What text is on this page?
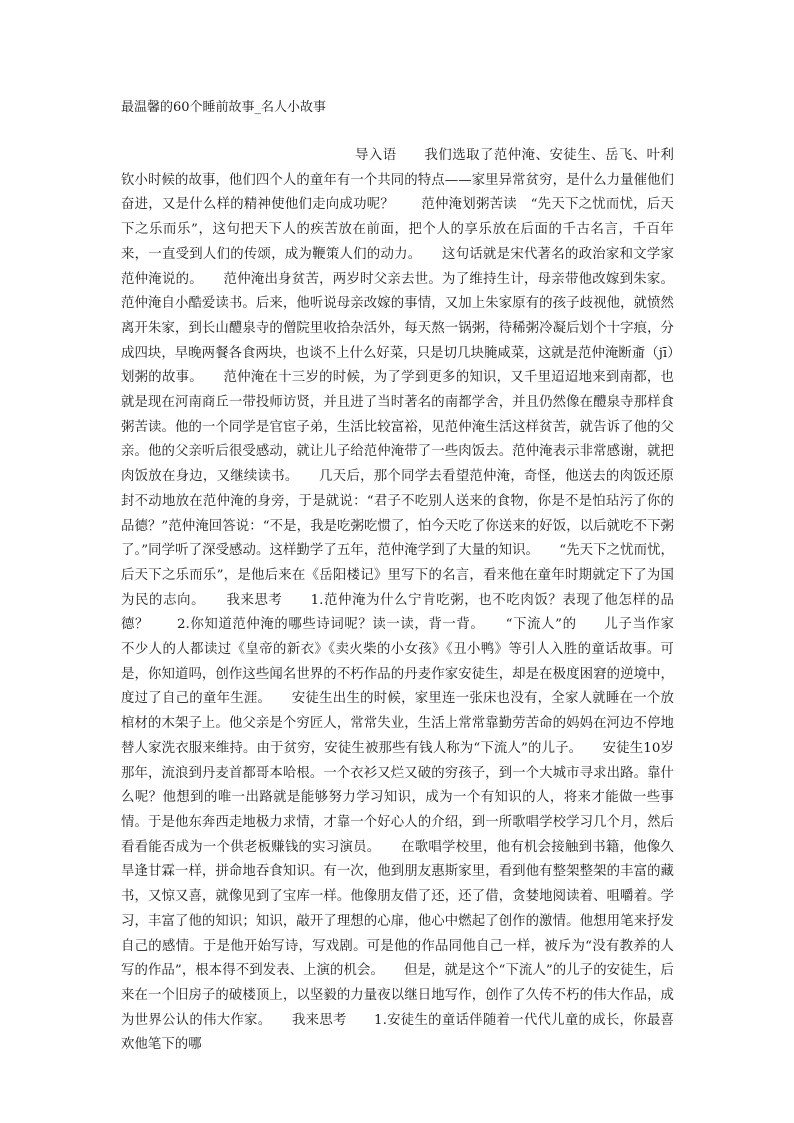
最温馨的60个睡前故事_名人小故事

导入语　　我们选取了范仲淹、安徒生、岳飞、叶利钦小时候的故事，他们四个人的童年有一个共同的特点——家里异常贫穷，是什么力量催他们奋进，又是什么样的精神使他们走向成功呢？　　范仲淹划粥苦读　“先天下之忧而忧，后天下之乐而乐”，这句把天下人的疾苦放在前面，把个人的享乐放在后面的千古名言，千百年来，一直受到人们的传颂，成为鞭策人们的动力。　　这句话就是宋代著名的政治家和文学家范仲淹说的。　　范仲淹出身贫苦，两岁时父亲去世。为了维持生计，母亲带他改嫁到朱家。范仲淹自小酷爱读书。后来，他听说母亲改嫁的事情，又加上朱家原有的孩子歧视他，就愤然离开朱家，到长山醴泉寺的僧院里收拾杂活外，每天熬一锅粥，待稀粥冷凝后划个十字痕，分成四块，早晚两餐各食两块，也谈不上什么好菜，只是切几块腌咸菜，这就是范仲淹断齑（jī）划粥的故事。　　范仲淹在十三岁的时候，为了学到更多的知识，又千里迢迢地来到南都，也就是现在河南商丘一带投师访贤，并且进了当时著名的南都学舍，并且仍然像在醴泉寺那样食粥苦读。他的一个同学是官宦子弟，生活比较富裕，见范仲淹生活这样贫苦，就告诉了他的父亲。他的父亲听后很受感动，就让儿子给范仲淹带了一些肉饭去。范仲淹表示非常感谢，就把肉饭放在身边，又继续读书。　　几天后，那个同学去看望范仲淹，奇怪，他送去的肉饭还原封不动地放在范仲淹的身旁，于是就说：“君子不吃别人送来的食物，你是不是怕玷污了你的品德？”范仲淹回答说：“不是，我是吃粥吃惯了，怕今天吃了你送来的好饭，以后就吃不下粥了。”同学听了深受感动。这样勤学了五年，范仲淹学到了大量的知识。　　“先天下之忧而忧，后天下之乐而乐”，是他后来在《岳阳楼记》里写下的名言，看来他在童年时期就定下了为国为民的志向。　　我来思考　　1.范仲淹为什么宁肯吃粥，也不吃肉饭？表现了他怎样的品德？　　2.你知道范仲淹的哪些诗词呢？读一读，背一背。　　“下流人”的　　儿子当作家　　不少人的人都读过《皇帝的新衣》《卖火柴的小女孩》《丑小鸭》等引人入胜的童话故事。可是，你知道吗，创作这些闻名世界的不朽作品的丹麦作家安徒生，却是在极度困窘的逆境中，度过了自己的童年生涯。　　安徒生出生的时候，家里连一张床也没有，全家人就睡在一个放棺材的木架子上。他父亲是个穷匠人，常常失业，生活上常常靠勤劳苦命的妈妈在河边不停地替人家洗衣服来维持。由于贫穷，安徒生被那些有钱人称为“下流人”的儿子。　　安徒生10岁那年，流浪到丹麦首都哥本哈根。一个衣衫又烂又破的穷孩子，到一个大城市寻求出路。靠什么呢？他想到的唯一出路就是能够努力学习知识，成为一个有知识的人，将来才能做一些事情。于是他东奔西走地极力求情，才靠一个好心人的介绍，到一所歌唱学校学习几个月，然后看看能否成为一个供老板赚钱的实习演员。　　在歌唱学校里，他有机会接触到书籍，他像久旱逢甘霖一样，拼命地吞食知识。有一次，他到朋友惠斯家里，看到他有整架整架的丰富的藏书，又惊又喜，就像见到了宝库一样。他像朋友借了还，还了借，贪婪地阅读着、咀嚼着。学习，丰富了他的知识；知识，敲开了理想的心扉，他心中燃起了创作的激情。他想用笔来抒发自己的感情。于是他开始写诗，写戏剧。可是他的作品同他自己一样，被斥为“没有教养的人写的作品”，根本得不到发表、上演的机会。　　但是，就是这个“下流人”的儿子的安徒生，后来在一个旧房子的破楼顶上，以坚毅的力量夜以继日地写作，创作了久传不朽的伟大作品，成为世界公认的伟大作家。　　我来思考　　1.安徒生的童话伴随着一代代儿童的成长，你最喜欢他笔下的哪
